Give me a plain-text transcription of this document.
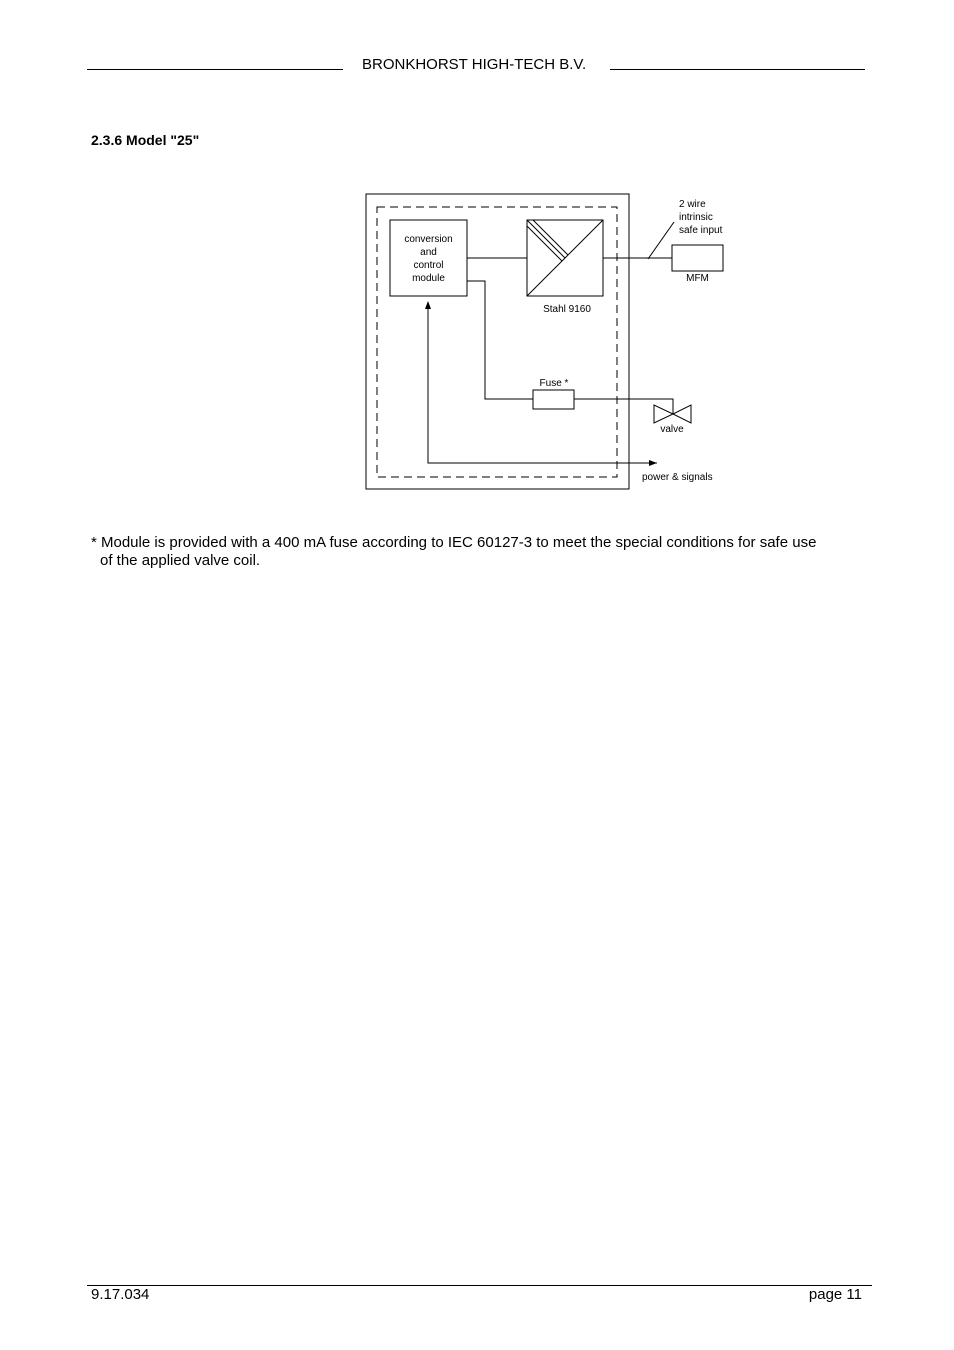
BRONKHORST HIGH-TECH B.V.
2.3.6 Model "25"
conversion
and
control
module
Stahl 9160
MFM
2 wire
intrinsic
safe input
Fuse *
valve
power & signals
* Module is provided with a 400 mA fuse according to IEC 60127-3 to meet the special conditions for safe use
of the applied valve coil.
9.17.034	page 11
